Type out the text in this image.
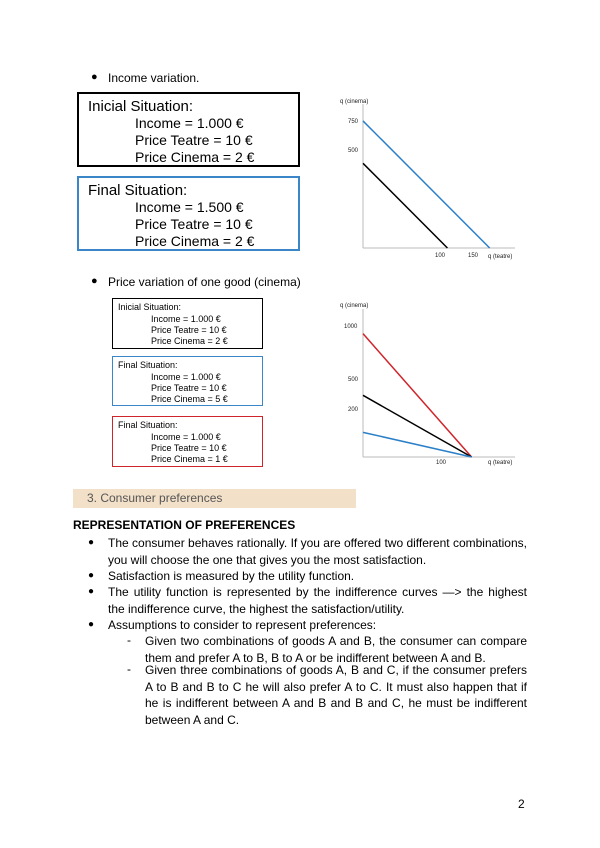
● Income variation.
Inicial Situation:
Income = 1.000 €
Price Teatre = 10 €
Price Cinema = 2 €
Final Situation:
Income = 1.500 €
Price Teatre = 10 €
Price Cinema = 2 €
q (cinema)
750
500
100	150 q (teatre)
● Price variation of one good (cinema)
Inicial Situation:
Income = 1.000 €
Price Teatre = 10 €
Price Cinema = 2 €
Final Situation:
Income = 1.000 €
Price Teatre = 10 €
Price Cinema = 5 €
Final Situation:
Income = 1.000 €
Price Teatre = 10 €
Price Cinema = 1 €
q (cinema)
1000
500
200
100	q (teatre)
3. Consumer preferences
REPRESENTATION OF PREFERENCES
● The consumer behaves rationally. If you are offered two different combinations, you will choose the one that gives you the most satisfaction.
● Satisfaction is measured by the utility function.
● The utility function is represented by the indifference curves —> the highest the indifference curve, the highest the satisfaction/utility.
● Assumptions to consider to represent preferences:
- Given two combinations of goods A and B, the consumer can compare them and prefer A to B, B to A or be indifferent between A and B.
- Given three combinations of goods A, B and C, if the consumer prefers A to B and B to C he will also prefer A to C. It must also happen that if he is indifferent between A and B and B and C, he must be indifferent between A and C.
2
